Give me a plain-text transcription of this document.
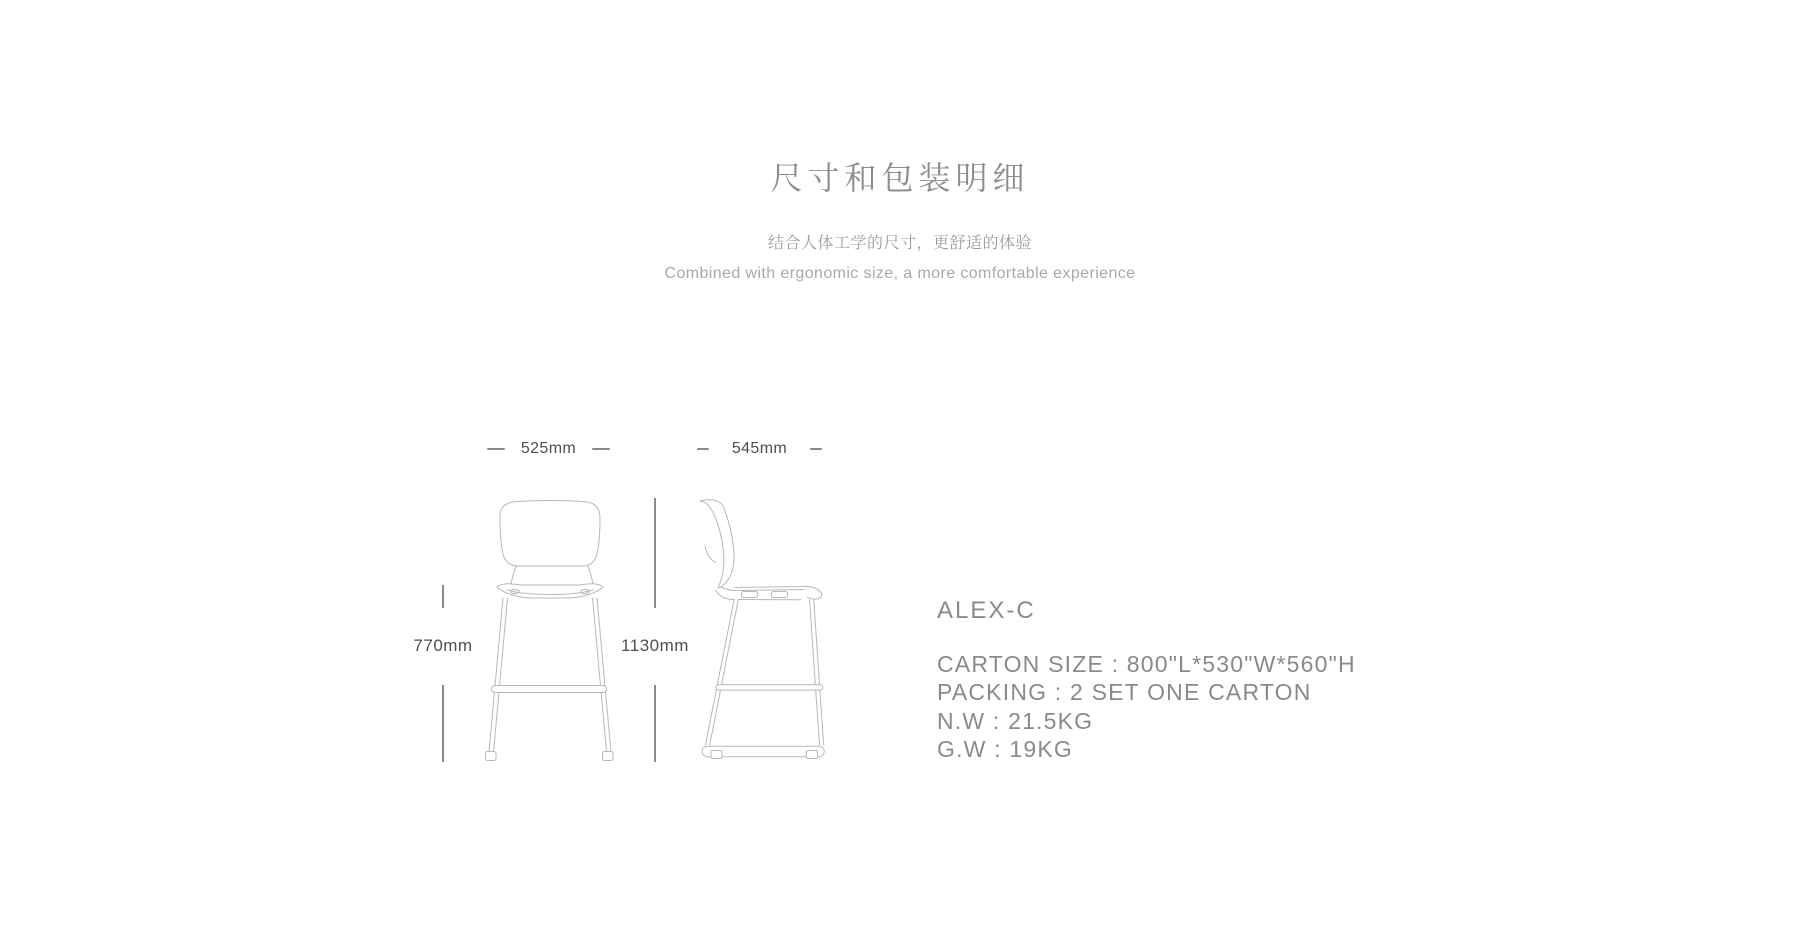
尺寸和包装明细

结合人体工学的尺寸，更舒适的体验

Combined with ergonomic size, a more comfortable experience

525mm	545mm
770mm	1130mm
ALEX-C
CARTON SIZE : 800"L*530"W*560"H
PACKING : 2 SET ONE CARTON
N.W : 21.5KG
G.W : 19KG
